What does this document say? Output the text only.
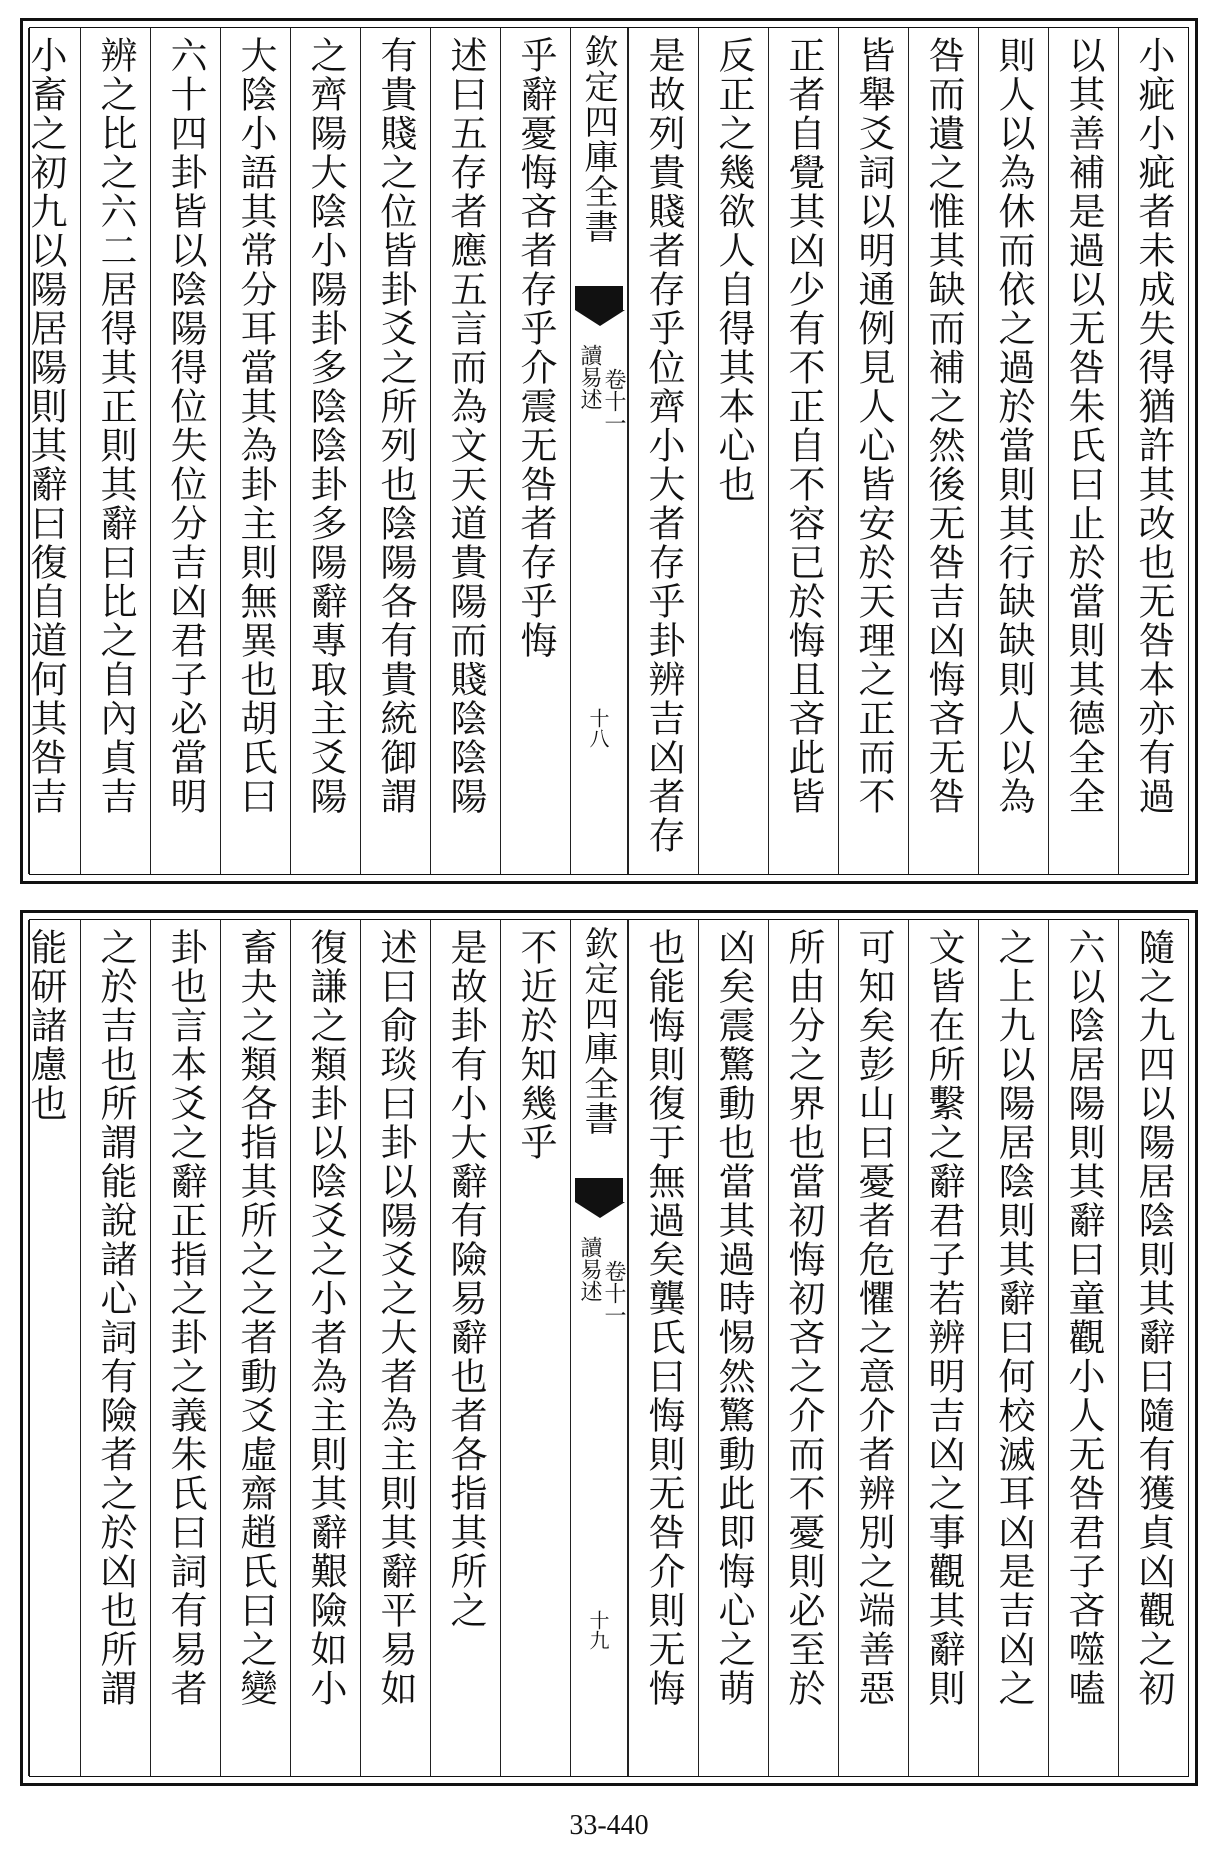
小疵小疵者未成失得猶許其改也无咎本亦有過
以其善補是過以无咎朱氏曰止於當則其德全全
則人以為休而依之過於當則其行缺缺則人以為
咎而遺之惟其缺而補之然後无咎吉凶悔吝无咎
皆舉爻詞以明通例見人心皆安於天理之正而不
正者自覺其凶少有不正自不容已於悔且吝此皆
反正之幾欲人自得其本心也
是故列貴賤者存乎位齊小大者存乎卦辨吉凶者存
欽定四庫全書
讀易述 卷十一
十八
乎辭憂悔吝者存乎介震无咎者存乎悔
述曰五存者應五言而為文天道貴陽而賤陰陰陽
有貴賤之位皆卦爻之所列也陰陽各有貴統御謂
之齊陽大陰小陽卦多陰陰卦多陽辭專取主爻陽
大陰小語其常分耳當其為卦主則無異也胡氏曰
六十四卦皆以陰陽得位失位分吉凶君子必當明
辨之比之六二居得其正則其辭曰比之自內貞吉
小畜之初九以陽居陽則其辭曰復自道何其咎吉
隨之九四以陽居陰則其辭曰隨有獲貞凶觀之初
六以陰居陽則其辭曰童觀小人无咎君子吝噬嗑
之上九以陽居陰則其辭曰何校滅耳凶是吉凶之
文皆在所繫之辭君子若辨明吉凶之事觀其辭則
可知矣彭山曰憂者危懼之意介者辨別之端善惡
所由分之界也當初悔初吝之介而不憂則必至於
凶矣震驚動也當其過時惕然驚動此即悔心之萌
也能悔則復于無過矣龔氏曰悔則无咎介則无悔
欽定四庫全書
讀易述 卷十一
十九
不近於知幾乎
是故卦有小大辭有險易辭也者各指其所之
述曰俞琰曰卦以陽爻之大者為主則其辭平易如
復謙之類卦以陰爻之小者為主則其辭艱險如小
畜夬之類各指其所之之者動爻虛齋趙氏曰之變
卦也言本爻之辭正指之卦之義朱氏曰詞有易者
之於吉也所謂能說諸心詞有險者之於凶也所謂
能研諸慮也
33-440
